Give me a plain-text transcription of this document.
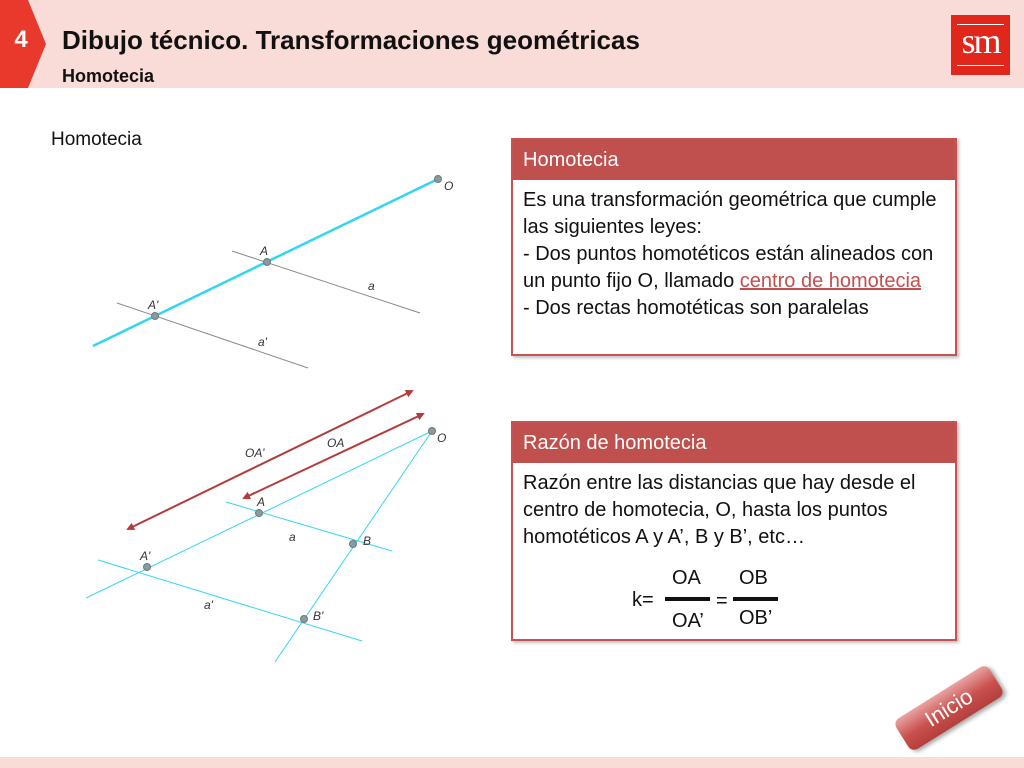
4 Dibujo técnico. Transformaciones geométricas
Homotecia
sm
Homotecia
O
A
A'
a
a'
O
A
A'
B
B'
a
a'
OA
OA’
Homotecia
Es una transformación geométrica que cumple las siguientes leyes:
- Dos puntos homotéticos están alineados con un punto fijo O, llamado centro de homotecia
- Dos rectas homotéticas son paralelas
Razón de homotecia
Razón entre las distancias que hay desde el centro de homotecia, O, hasta los puntos homotéticos A y A’, B y B’, etc…
k=
OA
OA’
=
OB
OB’
Inicio
